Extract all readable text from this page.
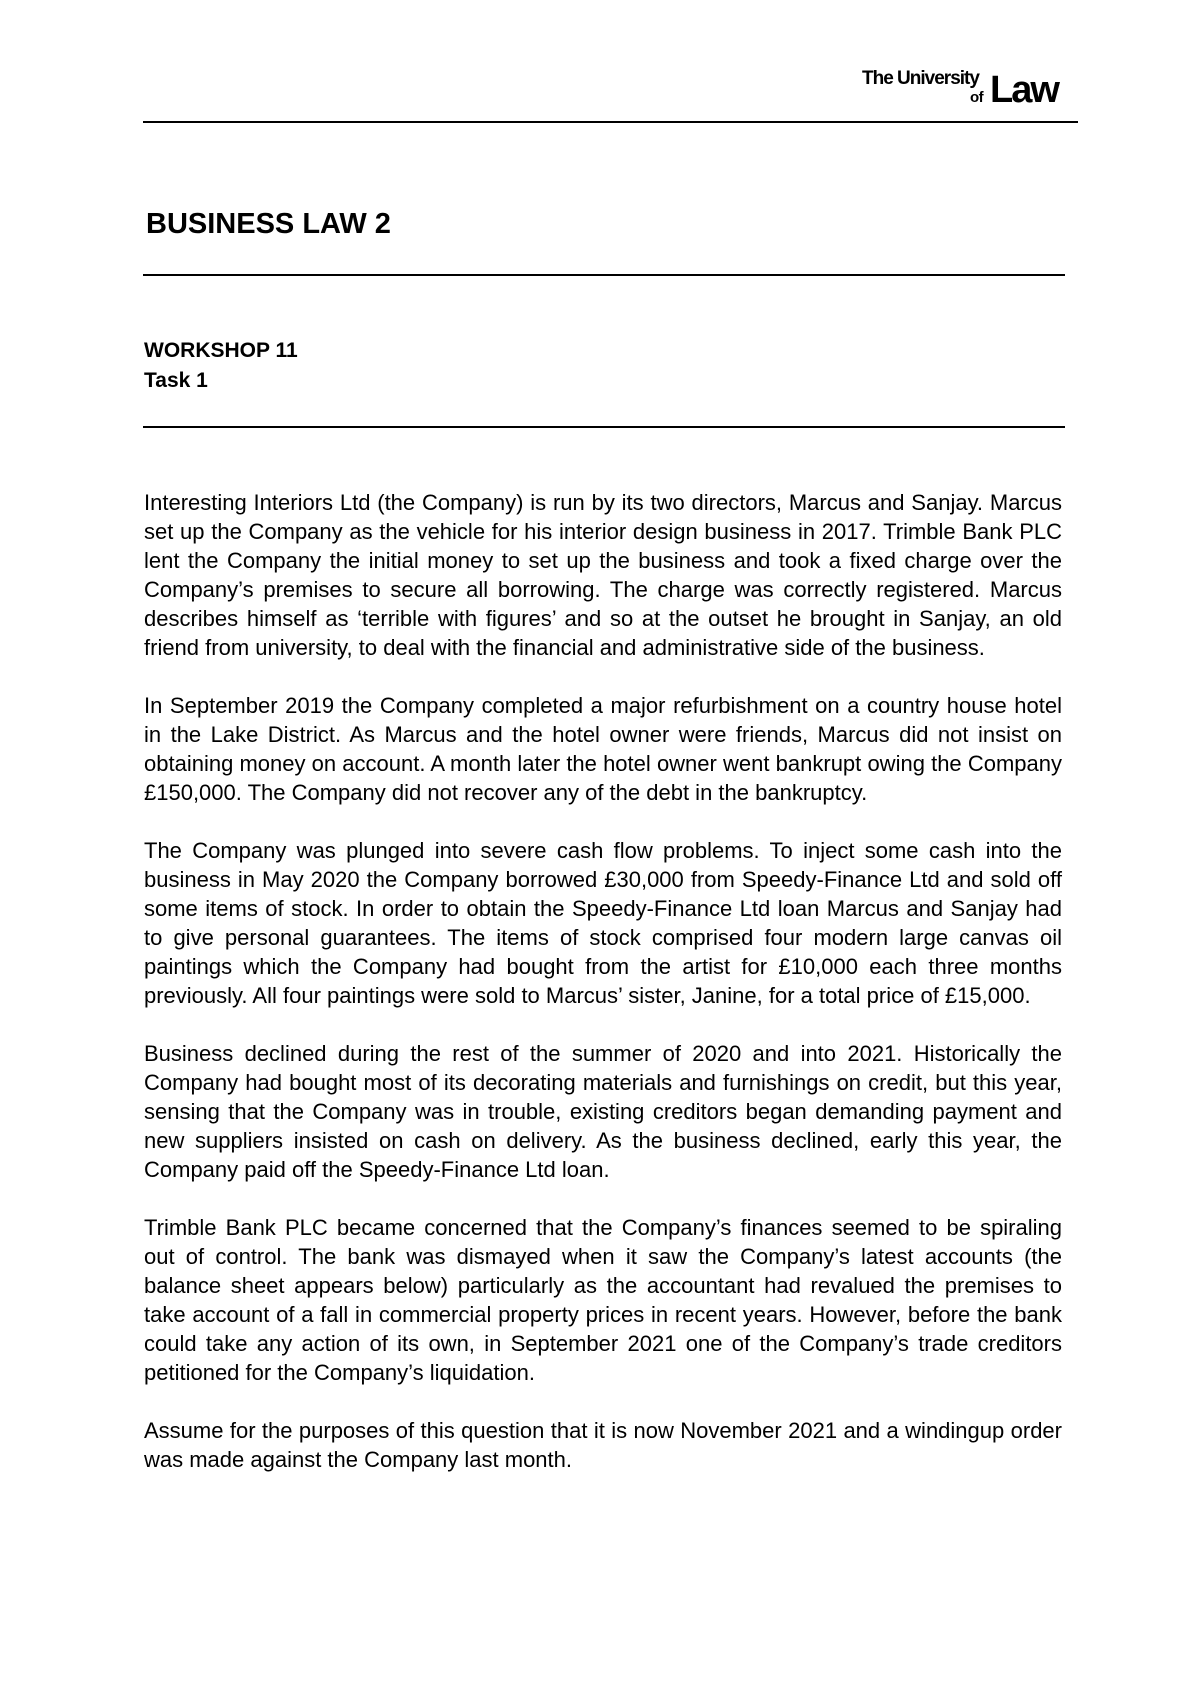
The University
of Law
BUSINESS LAW 2
WORKSHOP 11
Task 1

Interesting Interiors Ltd (the Company) is run by its two directors, Marcus and Sanjay. Marcus set up the Company as the vehicle for his interior design business in 2017. Trimble Bank PLC lent the Company the initial money to set up the business and took a fixed charge over the Company’s premises to secure all borrowing. The charge was correctly registered. Marcus describes himself as ‘terrible with figures’ and so at the outset he brought in Sanjay, an old friend from university, to deal with the financial and administrative side of the business.

In September 2019 the Company completed a major refurbishment on a country house hotel in the Lake District. As Marcus and the hotel owner were friends, Marcus did not insist on obtaining money on account. A month later the hotel owner went bankrupt owing the Company £150,000. The Company did not recover any of the debt in the bankruptcy.

The Company was plunged into severe cash flow problems. To inject some cash into the business in May 2020 the Company borrowed £30,000 from Speedy-Finance Ltd and sold off some items of stock. In order to obtain the Speedy-Finance Ltd loan Marcus and Sanjay had to give personal guarantees. The items of stock comprised four modern large canvas oil paintings which the Company had bought from the artist for £10,000 each three months previously. All four paintings were sold to Marcus’ sister, Janine, for a total price of £15,000.

Business declined during the rest of the summer of 2020 and into 2021. Historically the Company had bought most of its decorating materials and furnishings on credit, but this year, sensing that the Company was in trouble, existing creditors began demanding payment and new suppliers insisted on cash on delivery. As the business declined, early this year, the Company paid off the Speedy-Finance Ltd loan.

Trimble Bank PLC became concerned that the Company’s finances seemed to be spiraling out of control. The bank was dismayed when it saw the Company’s latest accounts (the balance sheet appears below) particularly as the accountant had revalued the premises to take account of a fall in commercial property prices in recent years. However, before the bank could take any action of its own, in September 2021 one of the Company’s trade creditors petitioned for the Company’s liquidation.

Assume for the purposes of this question that it is now November 2021 and a windingup order was made against the Company last month.
